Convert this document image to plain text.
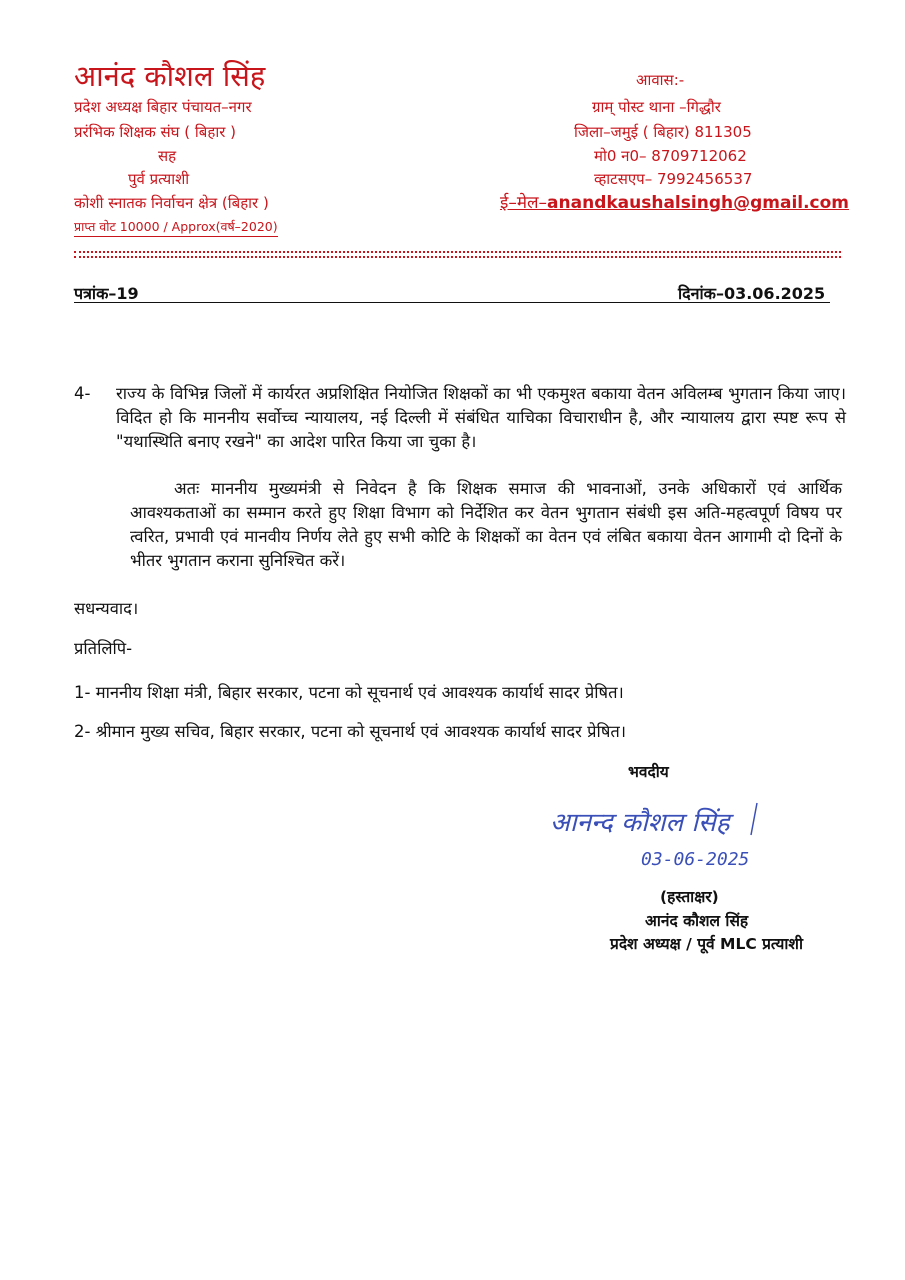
आनंद कौशल सिंह
प्रदेश अध्यक्ष बिहार पंचायत–नगर
प्ररंभिक शिक्षक संघ ( बिहार )
सह
पुर्व प्रत्याशी
कोशी स्नातक निर्वाचन क्षेत्र (बिहार )
प्राप्त वोट 10000 / Approx(वर्ष–2020)
आवास:-
ग्राम् पोस्ट थाना –गिद्धौर
जिला–जमुई ( बिहार) 811305
मो0 न0– 8709712062
व्हाटसएप– 7992456537
ई–मेल–anandkaushalsingh@gmail.com
पत्रांक–19	दिनांक–03.06.2025
4- राज्य के विभिन्न जिलों में कार्यरत अप्रशिक्षित नियोजित शिक्षकों का भी एकमुश्त बकाया वेतन अविलम्ब भुगतान किया जाए। विदित हो कि माननीय सर्वोच्च न्यायालय, नई दिल्ली में संबंधित याचिका विचाराधीन है, और न्यायालय द्वारा स्पष्ट रूप से "यथास्थिति बनाए रखने" का आदेश पारित किया जा चुका है।
अतः माननीय मुख्यमंत्री से निवेदन है कि शिक्षक समाज की भावनाओं, उनके अधिकारों एवं आर्थिक आवश्यकताओं का सम्मान करते हुए शिक्षा विभाग को निर्देशित कर वेतन भुगतान संबंधी इस अति-महत्वपूर्ण विषय पर त्वरित, प्रभावी एवं मानवीय निर्णय लेते हुए सभी कोटि के शिक्षकों का वेतन एवं लंबित बकाया वेतन आगामी दो दिनों के भीतर भुगतान कराना सुनिश्चित करें।
सधन्यवाद।
प्रतिलिपि-
1- माननीय शिक्षा मंत्री, बिहार सरकार, पटना को सूचनार्थ एवं आवश्यक कार्यार्थ सादर प्रेषित।
2- श्रीमान मुख्य सचिव, बिहार सरकार, पटना को सूचनार्थ एवं आवश्यक कार्यार्थ सादर प्रेषित।
भवदीय
आनन्द कौशल सिंह
03-06-2025
(हस्ताक्षर)
आनंद कौशल सिंह
प्रदेश अध्यक्ष / पूर्व MLC प्रत्याशी
